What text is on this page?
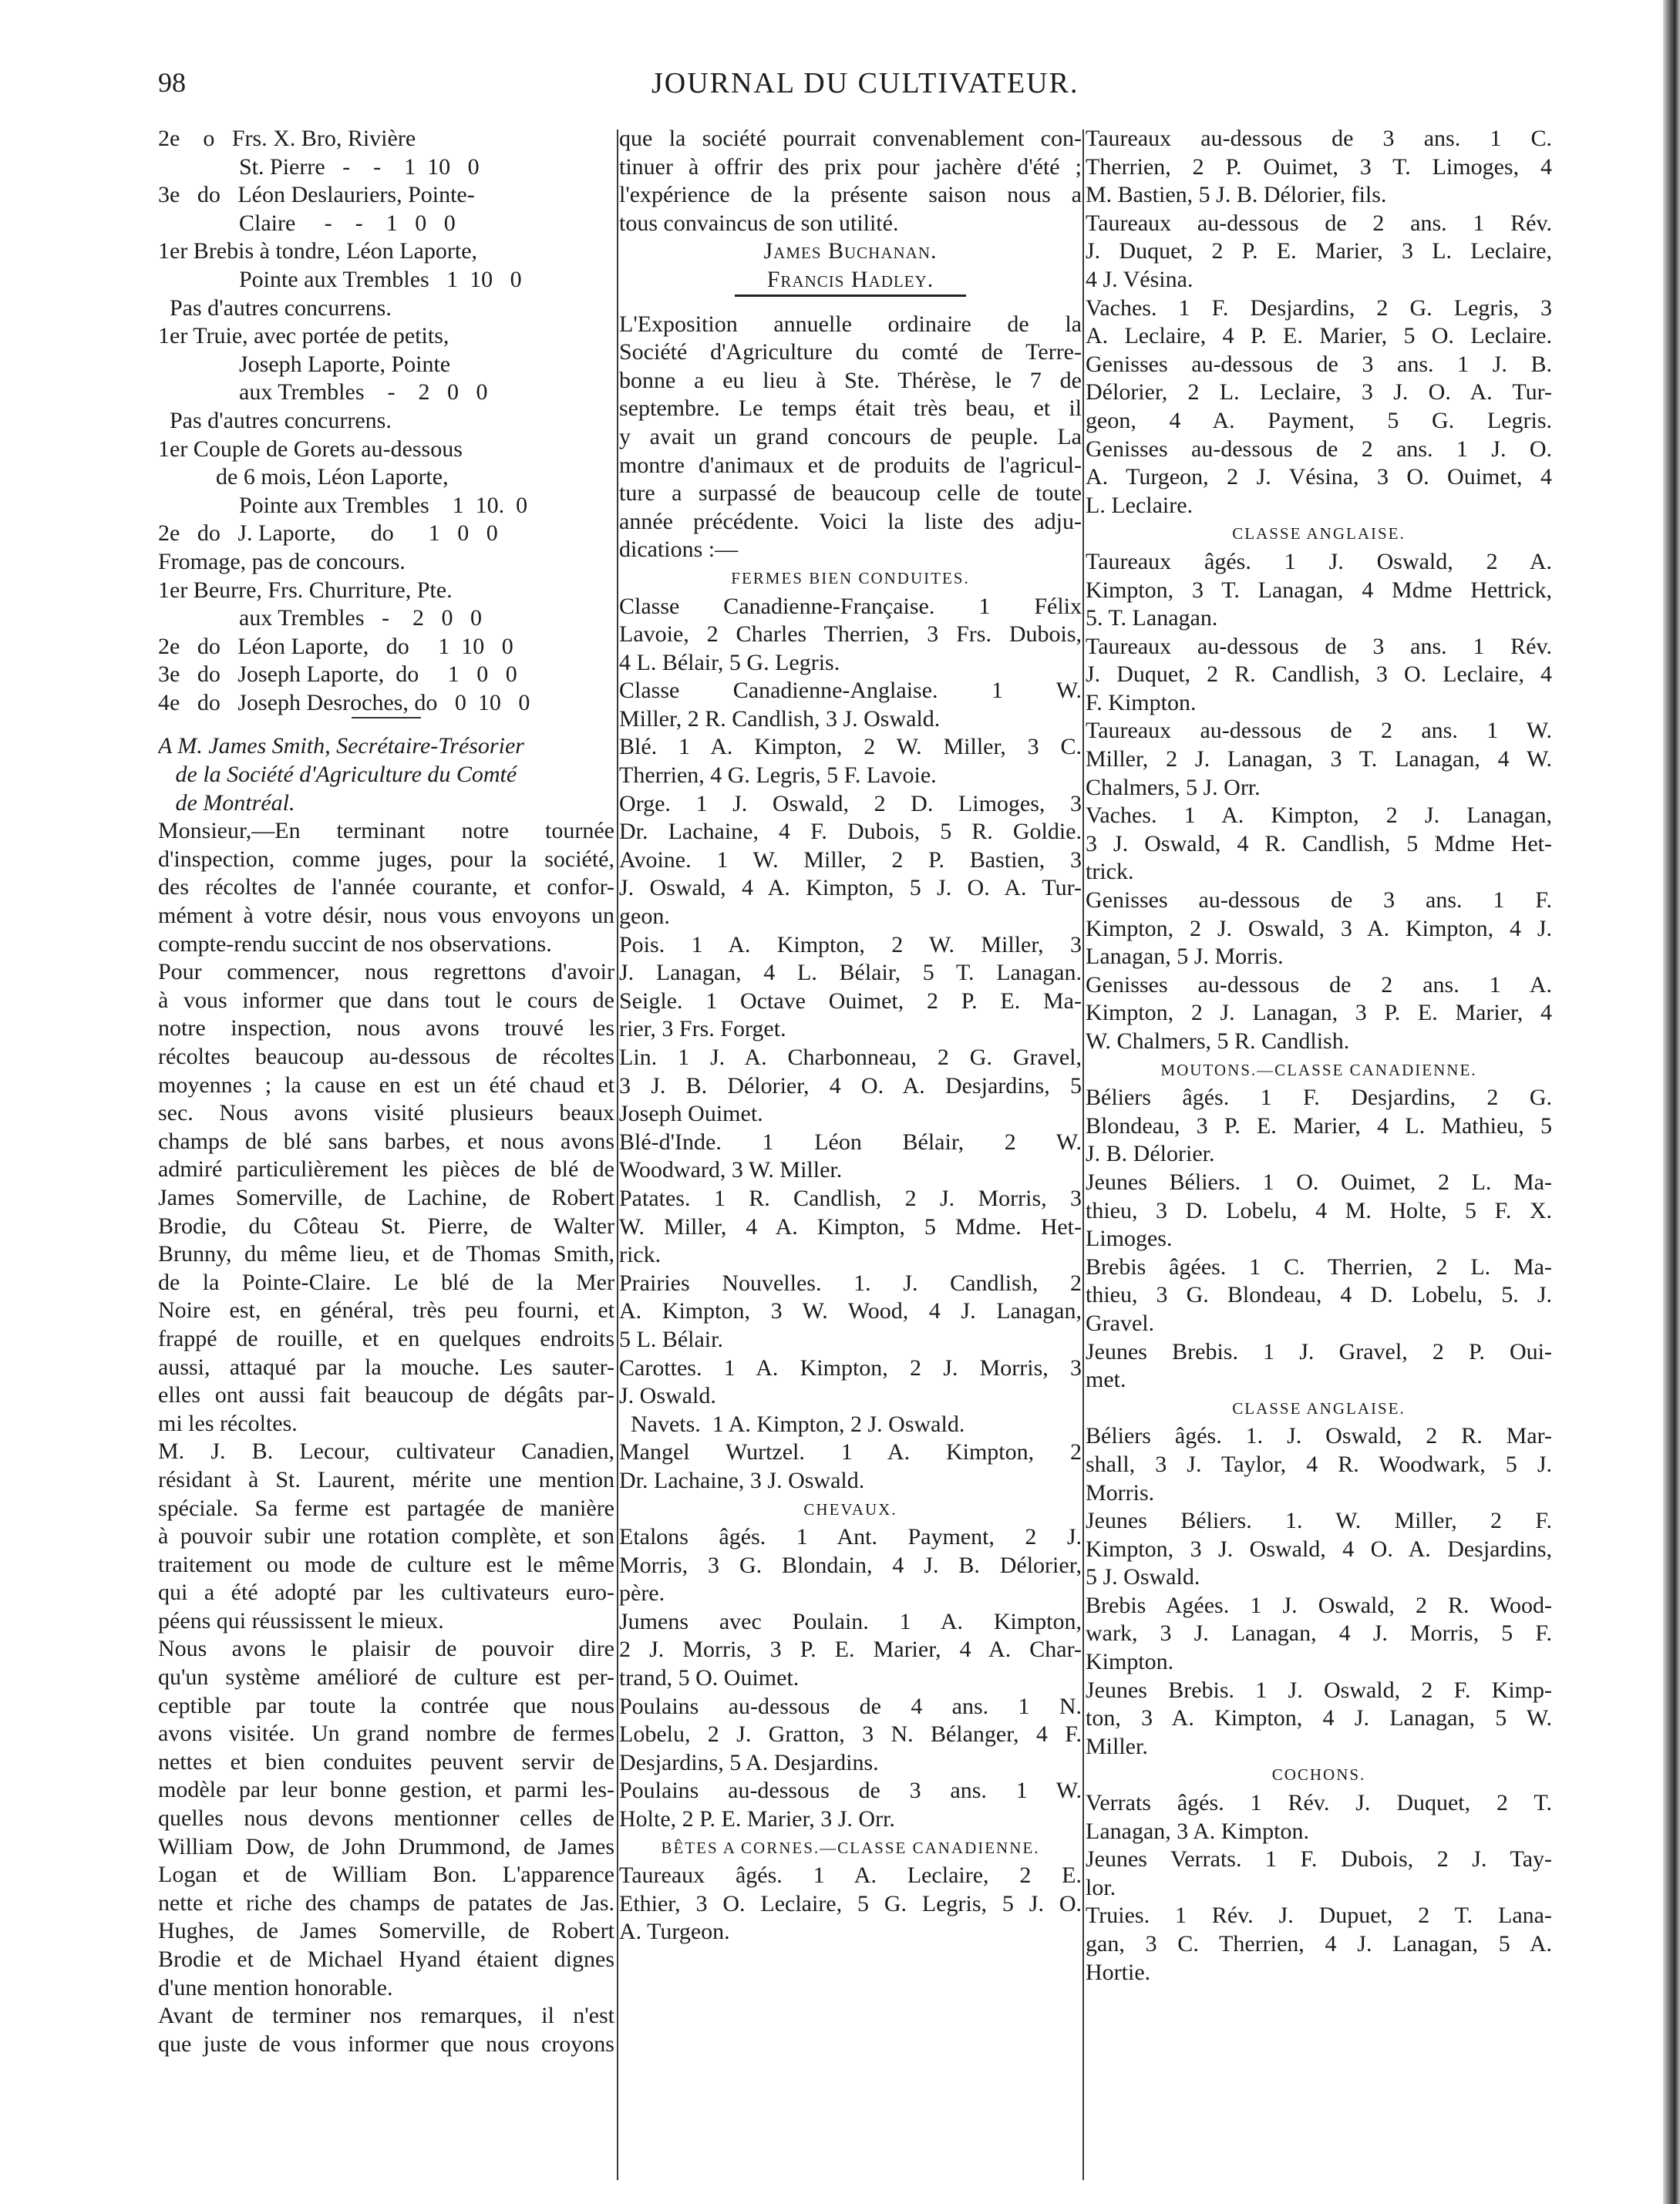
98	JOURNAL DU CULTIVATEUR.
2e    o   Frs. X. Bro, Rivière
St. Pierre   -    -    1  10   0
3e   do   Léon Deslauriers, Pointe-
Claire     -    -    1   0   0
1er Brebis à tondre, Léon Laporte,
Pointe aux Trembles   1  10   0
Pas d'autres concurrens.
1er Truie, avec portée de petits,
Joseph Laporte, Pointe
aux Trembles    -    2   0   0
Pas d'autres concurrens.
1er Couple de Gorets au-dessous
de 6 mois, Léon Laporte,
Pointe aux Trembles    1  10.  0
2e   do   J. Laporte,      do      1   0   0
Fromage, pas de concours.
1er Beurre, Frs. Churriture, Pte.
aux Trembles   -    2   0   0
2e   do   Léon Laporte,   do     1  10   0
3e   do   Joseph Laporte,  do     1   0   0
4e   do   Joseph Desroches, do   0  10   0
A M. James Smith, Secrétaire-Trésorier
de la Société d'Agriculture du Comté
de Montréal.
Monsieur,—En terminant notre tournée
d'inspection, comme juges, pour la société,
des récoltes de l'année courante, et confor-
mément à votre désir, nous vous envoyons un
compte-rendu succint de nos observations.
Pour commencer, nous regrettons d'avoir
à vous informer que dans tout le cours de
notre inspection, nous avons trouvé les
récoltes beaucoup au-dessous de récoltes
moyennes ; la cause en est un été chaud et
sec. Nous avons visité plusieurs beaux
champs de blé sans barbes, et nous avons
admiré particulièrement les pièces de blé de
James Somerville, de Lachine, de Robert
Brodie, du Côteau St. Pierre, de Walter
Brunny, du même lieu, et de Thomas Smith,
de la Pointe-Claire. Le blé de la Mer
Noire est, en général, très peu fourni, et
frappé de rouille, et en quelques endroits
aussi, attaqué par la mouche. Les sauter-
elles ont aussi fait beaucoup de dégâts par-
mi les récoltes.
M. J. B. Lecour, cultivateur Canadien,
résidant à St. Laurent, mérite une mention
spéciale. Sa ferme est partagée de manière
à pouvoir subir une rotation complète, et son
traitement ou mode de culture est le même
qui a été adopté par les cultivateurs euro-
péens qui réussissent le mieux.
Nous avons le plaisir de pouvoir dire
qu'un système amélioré de culture est per-
ceptible par toute la contrée que nous
avons visitée. Un grand nombre de fermes
nettes et bien conduites peuvent servir de
modèle par leur bonne gestion, et parmi les-
quelles nous devons mentionner celles de
William Dow, de John Drummond, de James
Logan et de William Bon. L'apparence
nette et riche des champs de patates de Jas.
Hughes, de James Somerville, de Robert
Brodie et de Michael Hyand étaient dignes
d'une mention honorable.
Avant de terminer nos remarques, il n'est
que juste de vous informer que nous croyons
que la société pourrait convenablement con-
tinuer à offrir des prix pour jachère d'été ;
l'expérience de la présente saison nous a
tous convaincus de son utilité.
James Buchanan.
Francis Hadley.
L'Exposition annuelle ordinaire de la
Société d'Agriculture du comté de Terre-
bonne a eu lieu à Ste. Thérèse, le 7 de
septembre. Le temps était très beau, et il
y avait un grand concours de peuple. La
montre d'animaux et de produits de l'agricul-
ture a surpassé de beaucoup celle de toute
année précédente. Voici la liste des adju-
dications :—
FERMES BIEN CONDUITES.
Classe Canadienne-Française. 1 Félix
Lavoie, 2 Charles Therrien, 3 Frs. Dubois,
4 L. Bélair, 5 G. Legris.
Classe Canadienne-Anglaise. 1 W.
Miller, 2 R. Candlish, 3 J. Oswald.
Blé. 1 A. Kimpton, 2 W. Miller, 3 C.
Therrien, 4 G. Legris, 5 F. Lavoie.
Orge. 1 J. Oswald, 2 D. Limoges, 3
Dr. Lachaine, 4 F. Dubois, 5 R. Goldie.
Avoine. 1 W. Miller, 2 P. Bastien, 3
J. Oswald, 4 A. Kimpton, 5 J. O. A. Tur-
geon.
Pois. 1 A. Kimpton, 2 W. Miller, 3
J. Lanagan, 4 L. Bélair, 5 T. Lanagan.
Seigle. 1 Octave Ouimet, 2 P. E. Ma-
rier, 3 Frs. Forget.
Lin. 1 J. A. Charbonneau, 2 G. Gravel,
3 J. B. Délorier, 4 O. A. Desjardins, 5
Joseph Ouimet.
Blé-d'Inde. 1 Léon Bélair, 2 W.
Woodward, 3 W. Miller.
Patates. 1 R. Candlish, 2 J. Morris, 3
W. Miller, 4 A. Kimpton, 5 Mdme. Het-
rick.
Prairies Nouvelles. 1. J. Candlish, 2
A. Kimpton, 3 W. Wood, 4 J. Lanagan,
5 L. Bélair.
Carottes. 1 A. Kimpton, 2 J. Morris, 3
J. Oswald.
Navets.  1 A. Kimpton, 2 J. Oswald.
Mangel Wurtzel. 1 A. Kimpton, 2
Dr. Lachaine, 3 J. Oswald.
CHEVAUX.
Etalons âgés. 1 Ant. Payment, 2 J.
Morris, 3 G. Blondain, 4 J. B. Délorier,
père.
Jumens avec Poulain. 1 A. Kimpton,
2 J. Morris, 3 P. E. Marier, 4 A. Char-
trand, 5 O. Ouimet.
Poulains au-dessous de 4 ans. 1 N.
Lobelu, 2 J. Gratton, 3 N. Bélanger, 4 F.
Desjardins, 5 A. Desjardins.
Poulains au-dessous de 3 ans. 1 W.
Holte, 2 P. E. Marier, 3 J. Orr.
BÊTES A CORNES.—CLASSE CANADIENNE.
Taureaux âgés. 1 A. Leclaire, 2 E.
Ethier, 3 O. Leclaire, 5 G. Legris, 5 J. O.
A. Turgeon.
Taureaux au-dessous de 3 ans. 1 C.
Therrien, 2 P. Ouimet, 3 T. Limoges, 4
M. Bastien, 5 J. B. Délorier, fils.
Taureaux au-dessous de 2 ans. 1 Rév.
J. Duquet, 2 P. E. Marier, 3 L. Leclaire,
4 J. Vésina.
Vaches. 1 F. Desjardins, 2 G. Legris, 3
A. Leclaire, 4 P. E. Marier, 5 O. Leclaire.
Genisses au-dessous de 3 ans. 1 J. B.
Délorier, 2 L. Leclaire, 3 J. O. A. Tur-
geon, 4 A. Payment, 5 G. Legris.
Genisses au-dessous de 2 ans. 1 J. O.
A. Turgeon, 2 J. Vésina, 3 O. Ouimet, 4
L. Leclaire.
CLASSE ANGLAISE.
Taureaux âgés. 1 J. Oswald, 2 A.
Kimpton, 3 T. Lanagan, 4 Mdme Hettrick,
5. T. Lanagan.
Taureaux au-dessous de 3 ans. 1 Rév.
J. Duquet, 2 R. Candlish, 3 O. Leclaire, 4
F. Kimpton.
Taureaux au-dessous de 2 ans. 1 W.
Miller, 2 J. Lanagan, 3 T. Lanagan, 4 W.
Chalmers, 5 J. Orr.
Vaches. 1 A. Kimpton, 2 J. Lanagan,
3 J. Oswald, 4 R. Candlish, 5 Mdme Het-
trick.
Genisses au-dessous de 3 ans. 1 F.
Kimpton, 2 J. Oswald, 3 A. Kimpton, 4 J.
Lanagan, 5 J. Morris.
Genisses au-dessous de 2 ans. 1 A.
Kimpton, 2 J. Lanagan, 3 P. E. Marier, 4
W. Chalmers, 5 R. Candlish.
MOUTONS.—CLASSE CANADIENNE.
Béliers âgés. 1 F. Desjardins, 2 G.
Blondeau, 3 P. E. Marier, 4 L. Mathieu, 5
J. B. Délorier.
Jeunes Béliers. 1 O. Ouimet, 2 L. Ma-
thieu, 3 D. Lobelu, 4 M. Holte, 5 F. X.
Limoges.
Brebis âgées. 1 C. Therrien, 2 L. Ma-
thieu, 3 G. Blondeau, 4 D. Lobelu, 5. J.
Gravel.
Jeunes Brebis. 1 J. Gravel, 2 P. Oui-
met.
CLASSE ANGLAISE.
Béliers âgés. 1. J. Oswald, 2 R. Mar-
shall, 3 J. Taylor, 4 R. Woodwark, 5 J.
Morris.
Jeunes Béliers. 1. W. Miller, 2 F.
Kimpton, 3 J. Oswald, 4 O. A. Desjardins,
5 J. Oswald.
Brebis Agées. 1 J. Oswald, 2 R. Wood-
wark, 3 J. Lanagan, 4 J. Morris, 5 F.
Kimpton.
Jeunes Brebis. 1 J. Oswald, 2 F. Kimp-
ton, 3 A. Kimpton, 4 J. Lanagan, 5 W.
Miller.
COCHONS.
Verrats âgés. 1 Rév. J. Duquet, 2 T.
Lanagan, 3 A. Kimpton.
Jeunes Verrats. 1 F. Dubois, 2 J. Tay-
lor.
Truies. 1 Rév. J. Dupuet, 2 T. Lana-
gan, 3 C. Therrien, 4 J. Lanagan, 5 A.
Hortie.
